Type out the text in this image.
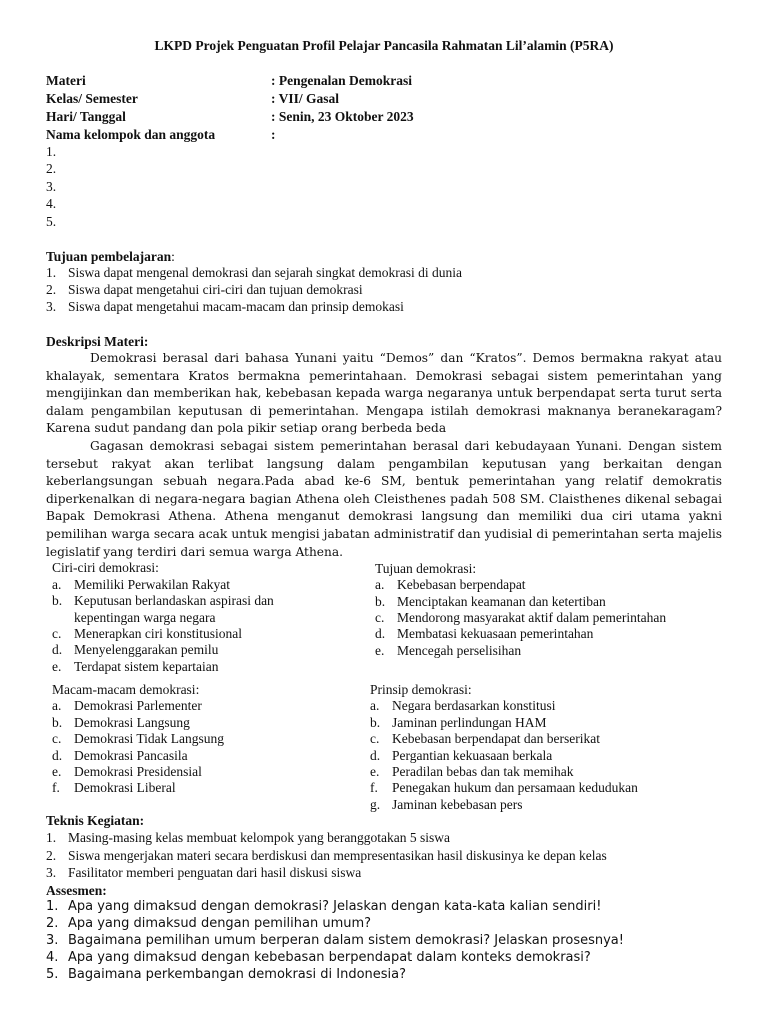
LKPD Projek Penguatan Profil Pelajar Pancasila Rahmatan Lil’alamin (P5RA)
Materi	: Pengenalan Demokrasi
Kelas/ Semester	: VII/ Gasal
Hari/ Tanggal	: Senin, 23 Oktober 2023
Nama kelompok dan anggota	:
1.
2.
3.
4.
5.
Tujuan pembelajaran:
1. Siswa dapat mengenal demokrasi dan sejarah singkat demokrasi di dunia
2. Siswa dapat mengetahui ciri-ciri dan tujuan demokrasi
3. Siswa dapat mengetahui macam-macam dan prinsip demokasi
Deskripsi Materi:

Demokrasi berasal dari bahasa Yunani yaitu “Demos” dan “Kratos”. Demos bermakna rakyat atau khalayak, sementara Kratos bermakna pemerintahaan. Demokrasi sebagai sistem pemerintahan yang mengijinkan dan memberikan hak, kebebasan kepada warga negaranya untuk berpendapat serta turut serta dalam pengambilan keputusan di pemerintahan. Mengapa istilah demokrasi maknanya beranekaragam? Karena sudut pandang dan pola pikir setiap orang berbeda beda

Gagasan demokrasi sebagai sistem pemerintahan berasal dari kebudayaan Yunani. Dengan sistem tersebut rakyat akan terlibat langsung dalam pengambilan keputusan yang berkaitan dengan keberlangsungan sebuah negara.Pada abad ke-6 SM, bentuk pemerintahan yang relatif demokratis diperkenalkan di negara-negara bagian Athena oleh Cleisthenes padah 508 SM. Claisthenes dikenal sebagai Bapak Demokrasi Athena. Athena menganut demokrasi langsung dan memiliki dua ciri utama yakni pemilihan warga secara acak untuk mengisi jabatan administratif dan yudisial di pemerintahan serta majelis legislatif yang terdiri dari semua warga Athena.

Ciri-ciri demokrasi:
a. Memiliki Perwakilan Rakyat
b. Keputusan berlandaskan aspirasi dan
kepentingan warga negara
c. Menerapkan ciri konstitusional
d. Menyelenggarakan pemilu
e. Terdapat sistem kepartaian
Tujuan demokrasi:
a. Kebebasan berpendapat
b. Menciptakan keamanan dan ketertiban
c. Mendorong masyarakat aktif dalam pemerintahan
d. Membatasi kekuasaan pemerintahan
e. Mencegah perselisihan
Macam-macam demokrasi:
a. Demokrasi Parlementer
b. Demokrasi Langsung
c. Demokrasi Tidak Langsung
d. Demokrasi Pancasila
e. Demokrasi Presidensial
f. Demokrasi Liberal
Prinsip demokrasi:
a. Negara berdasarkan konstitusi
b. Jaminan perlindungan HAM
c. Kebebasan berpendapat dan berserikat
d. Pergantian kekuasaan berkala
e. Peradilan bebas dan tak memihak
f. Penegakan hukum dan persamaan kedudukan
g. Jaminan kebebasan pers
Teknis Kegiatan:
1. Masing-masing kelas membuat kelompok yang beranggotakan 5 siswa
2. Siswa mengerjakan materi secara berdiskusi dan mempresentasikan hasil diskusinya ke depan kelas
3. Fasilitator memberi penguatan dari hasil diskusi siswa
Assesmen:
1. Apa yang dimaksud dengan demokrasi? Jelaskan dengan kata-kata kalian sendiri!
2. Apa yang dimaksud dengan pemilihan umum?
3. Bagaimana pemilihan umum berperan dalam sistem demokrasi? Jelaskan prosesnya!
4. Apa yang dimaksud dengan kebebasan berpendapat dalam konteks demokrasi?
5. Bagaimana perkembangan demokrasi di Indonesia?
